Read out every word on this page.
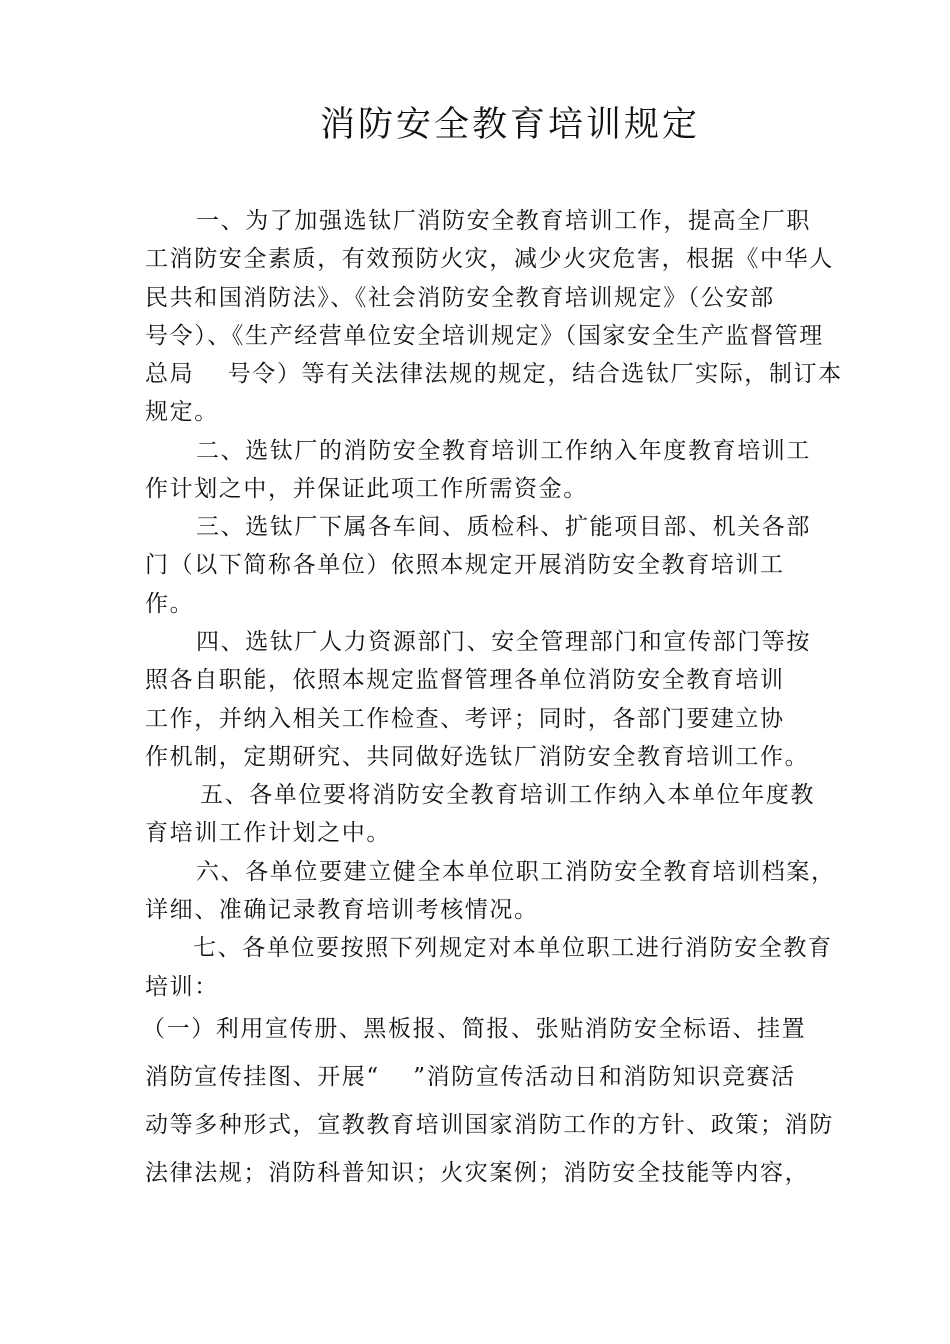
消防安全教育培训规定
一、为了加强选钛厂消防安全教育培训工作，提高全厂职
工消防安全素质，有效预防火灾，减少火灾危害，根据《中华人
民共和国消防法》、《社会消防安全教育培训规定》（公安部
号令）、《生产经营单位安全培训规定》（国家安全生产监督管理
总局　 号令）等有关法律法规的规定，结合选钛厂实际，制订本
规定。
二、选钛厂的消防安全教育培训工作纳入年度教育培训工
作计划之中，并保证此项工作所需资金。
三、选钛厂下属各车间、质检科、扩能项目部、机关各部
门（以下简称各单位）依照本规定开展消防安全教育培训工
作。
四、选钛厂人力资源部门、安全管理部门和宣传部门等按
照各自职能，依照本规定监督管理各单位消防安全教育培训
工作，并纳入相关工作检查、考评；同时，各部门要建立协
作机制，定期研究、共同做好选钛厂消防安全教育培训工作。
五、各单位要将消防安全教育培训工作纳入本单位年度教
育培训工作计划之中。
六、各单位要建立健全本单位职工消防安全教育培训档案，
详细、准确记录教育培训考核情况。
七、各单位要按照下列规定对本单位职工进行消防安全教育
培训：
（一）利用宣传册、黑板报、简报、张贴消防安全标语、挂置
消防宣传挂图、开展“　 ”消防宣传活动日和消防知识竞赛活
动等多种形式，宣教教育培训国家消防工作的方针、政策；消防
法律法规；消防科普知识；火灾案例；消防安全技能等内容，
